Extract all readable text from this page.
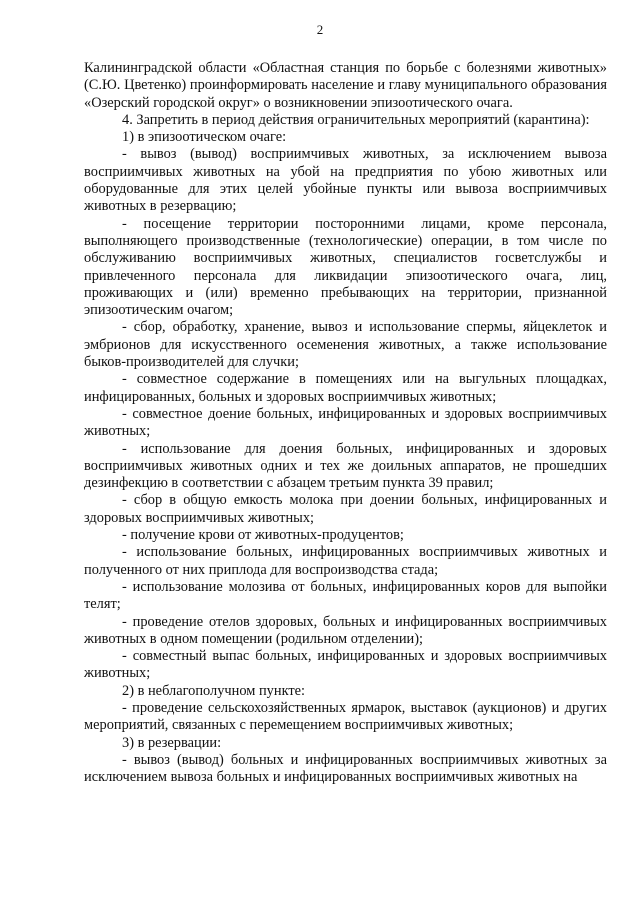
2

Калининградской области «Областная станция по борьбе с болезнями животных» (С.Ю. Цветенко) проинформировать население и главу муниципального образования «Озерский городской округ» о возникновении эпизоотического очага.

4. Запретить в период действия ограничительных мероприятий (карантина):

1) в эпизоотическом очаге:

- вывоз (вывод) восприимчивых животных, за исключением вывоза восприимчивых животных на убой на предприятия по убою животных или оборудованные для этих целей убойные пункты или вывоза восприимчивых животных в резервацию;

- посещение территории посторонними лицами, кроме персонала, выполняющего производственные (технологические) операции, в том числе по обслуживанию восприимчивых животных, специалистов госветслужбы и привлеченного персонала для ликвидации эпизоотического очага, лиц, проживающих и (или) временно пребывающих на территории, признанной эпизоотическим очагом;

- сбор, обработку, хранение, вывоз и использование спермы, яйцеклеток и эмбрионов для искусственного осеменения животных, а также использование быков-производителей для случки;

- совместное содержание в помещениях или на выгульных площадках, инфицированных, больных и здоровых восприимчивых животных;

- совместное доение больных, инфицированных и здоровых восприимчивых животных;

- использование для доения больных, инфицированных и здоровых восприимчивых животных одних и тех же доильных аппаратов, не прошедших дезинфекцию в соответствии с абзацем третьим пункта 39 правил;

- сбор в общую емкость молока при доении больных, инфицированных и здоровых восприимчивых животных;

- получение крови от животных-продуцентов;

- использование больных, инфицированных восприимчивых животных и полученного от них приплода для воспроизводства стада;

- использование молозива от больных, инфицированных коров для выпойки телят;

- проведение отелов здоровых, больных и инфицированных восприимчивых животных в одном помещении (родильном отделении);

- совместный выпас больных, инфицированных и здоровых восприимчивых животных;

2) в неблагополучном пункте:

- проведение сельскохозяйственных ярмарок, выставок (аукционов) и других мероприятий, связанных с перемещением восприимчивых животных;

3) в резервации:

- вывоз (вывод) больных и инфицированных восприимчивых животных за исключением вывоза больных и инфицированных восприимчивых животных на
